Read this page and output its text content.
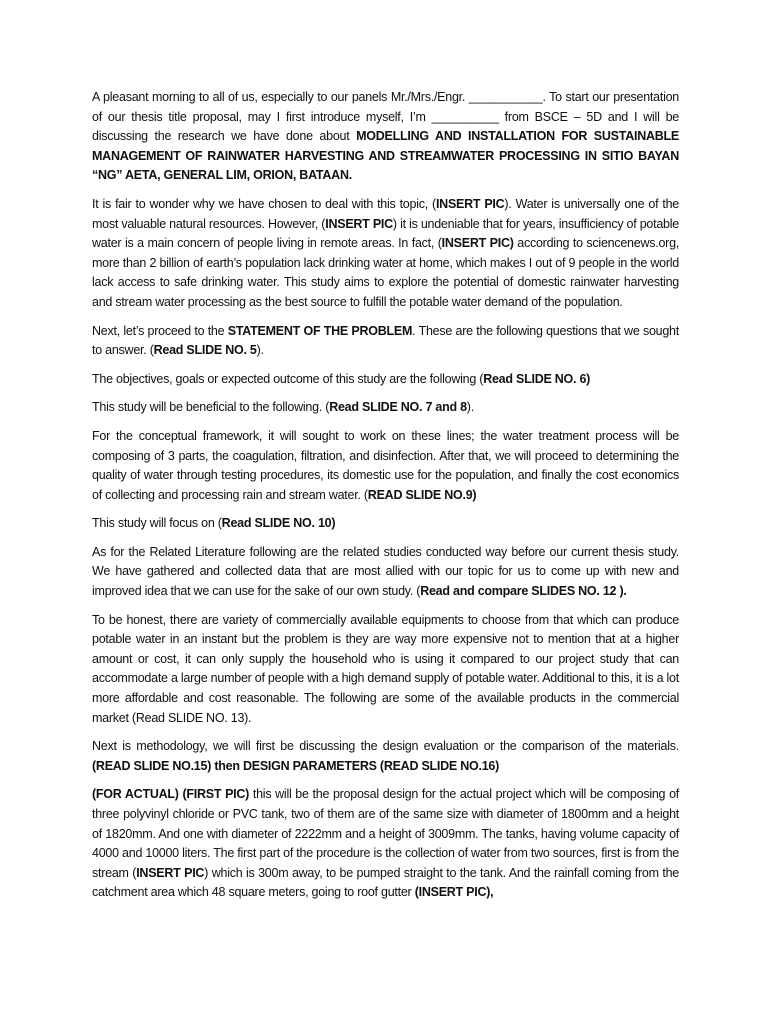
A pleasant morning to all of us, especially to our panels Mr./Mrs./Engr. ___________. To start our presentation of our thesis title proposal, may I first introduce myself, I’m __________ from BSCE – 5D and I will be discussing the research we have done about MODELLING AND INSTALLATION FOR SUSTAINABLE MANAGEMENT OF RAINWATER HARVESTING AND STREAMWATER PROCESSING IN SITIO BAYAN “NG” AETA, GENERAL LIM, ORION, BATAAN.

It is fair to wonder why we have chosen to deal with this topic, (INSERT PIC). Water is universally one of the most valuable natural resources. However, (INSERT PIC) it is undeniable that for years, insufficiency of potable water is a main concern of people living in remote areas. In fact, (INSERT PIC) according to sciencenews.org, more than 2 billion of earth’s population lack drinking water at home, which makes I out of 9 people in the world lack access to safe drinking water. This study aims to explore the potential of domestic rainwater harvesting and stream water processing as the best source to fulfill the potable water demand of the population.

Next, let’s proceed to the STATEMENT OF THE PROBLEM. These are the following questions that we sought to answer. (Read SLIDE NO. 5).

The objectives, goals or expected outcome of this study are the following (Read SLIDE NO. 6)

This study will be beneficial to the following. (Read SLIDE NO. 7 and 8).

For the conceptual framework, it will sought to work on these lines; the water treatment process will be composing of 3 parts, the coagulation, filtration, and disinfection. After that, we will proceed to determining the quality of water through testing procedures, its domestic use for the population, and finally the cost economics of collecting and processing rain and stream water. (READ SLIDE NO.9)

This study will focus on (Read SLIDE NO. 10)

As for the Related Literature following are the related studies conducted way before our current thesis study. We have gathered and collected data that are most allied with our topic for us to come up with new and improved idea that we can use for the sake of our own study. (Read and compare SLIDES NO. 12 ).

To be honest, there are variety of commercially available equipments to choose from that which can produce potable water in an instant but the problem is they are way more expensive not to mention that at a higher amount or cost, it can only supply the household who is using it compared to our project study that can accommodate a large number of people with a high demand supply of potable water. Additional to this, it is a lot more affordable and cost reasonable. The following are some of the available products in the commercial market (Read SLIDE NO. 13).

Next is methodology, we will first be discussing the design evaluation or the comparison of the materials. (READ SLIDE NO.15) then DESIGN PARAMETERS (READ SLIDE NO.16)

(FOR ACTUAL) (FIRST PIC) this will be the proposal design for the actual project which will be composing of three polyvinyl chloride or PVC tank, two of them are of the same size with diameter of 1800mm and a height of 1820mm. And one with diameter of 2222mm and a height of 3009mm. The tanks, having volume capacity of 4000 and 10000 liters. The first part of the procedure is the collection of water from two sources, first is from the stream (INSERT PIC) which is 300m away, to be pumped straight to the tank. And the rainfall coming from the catchment area which 48 square meters, going to roof gutter (INSERT PIC),
